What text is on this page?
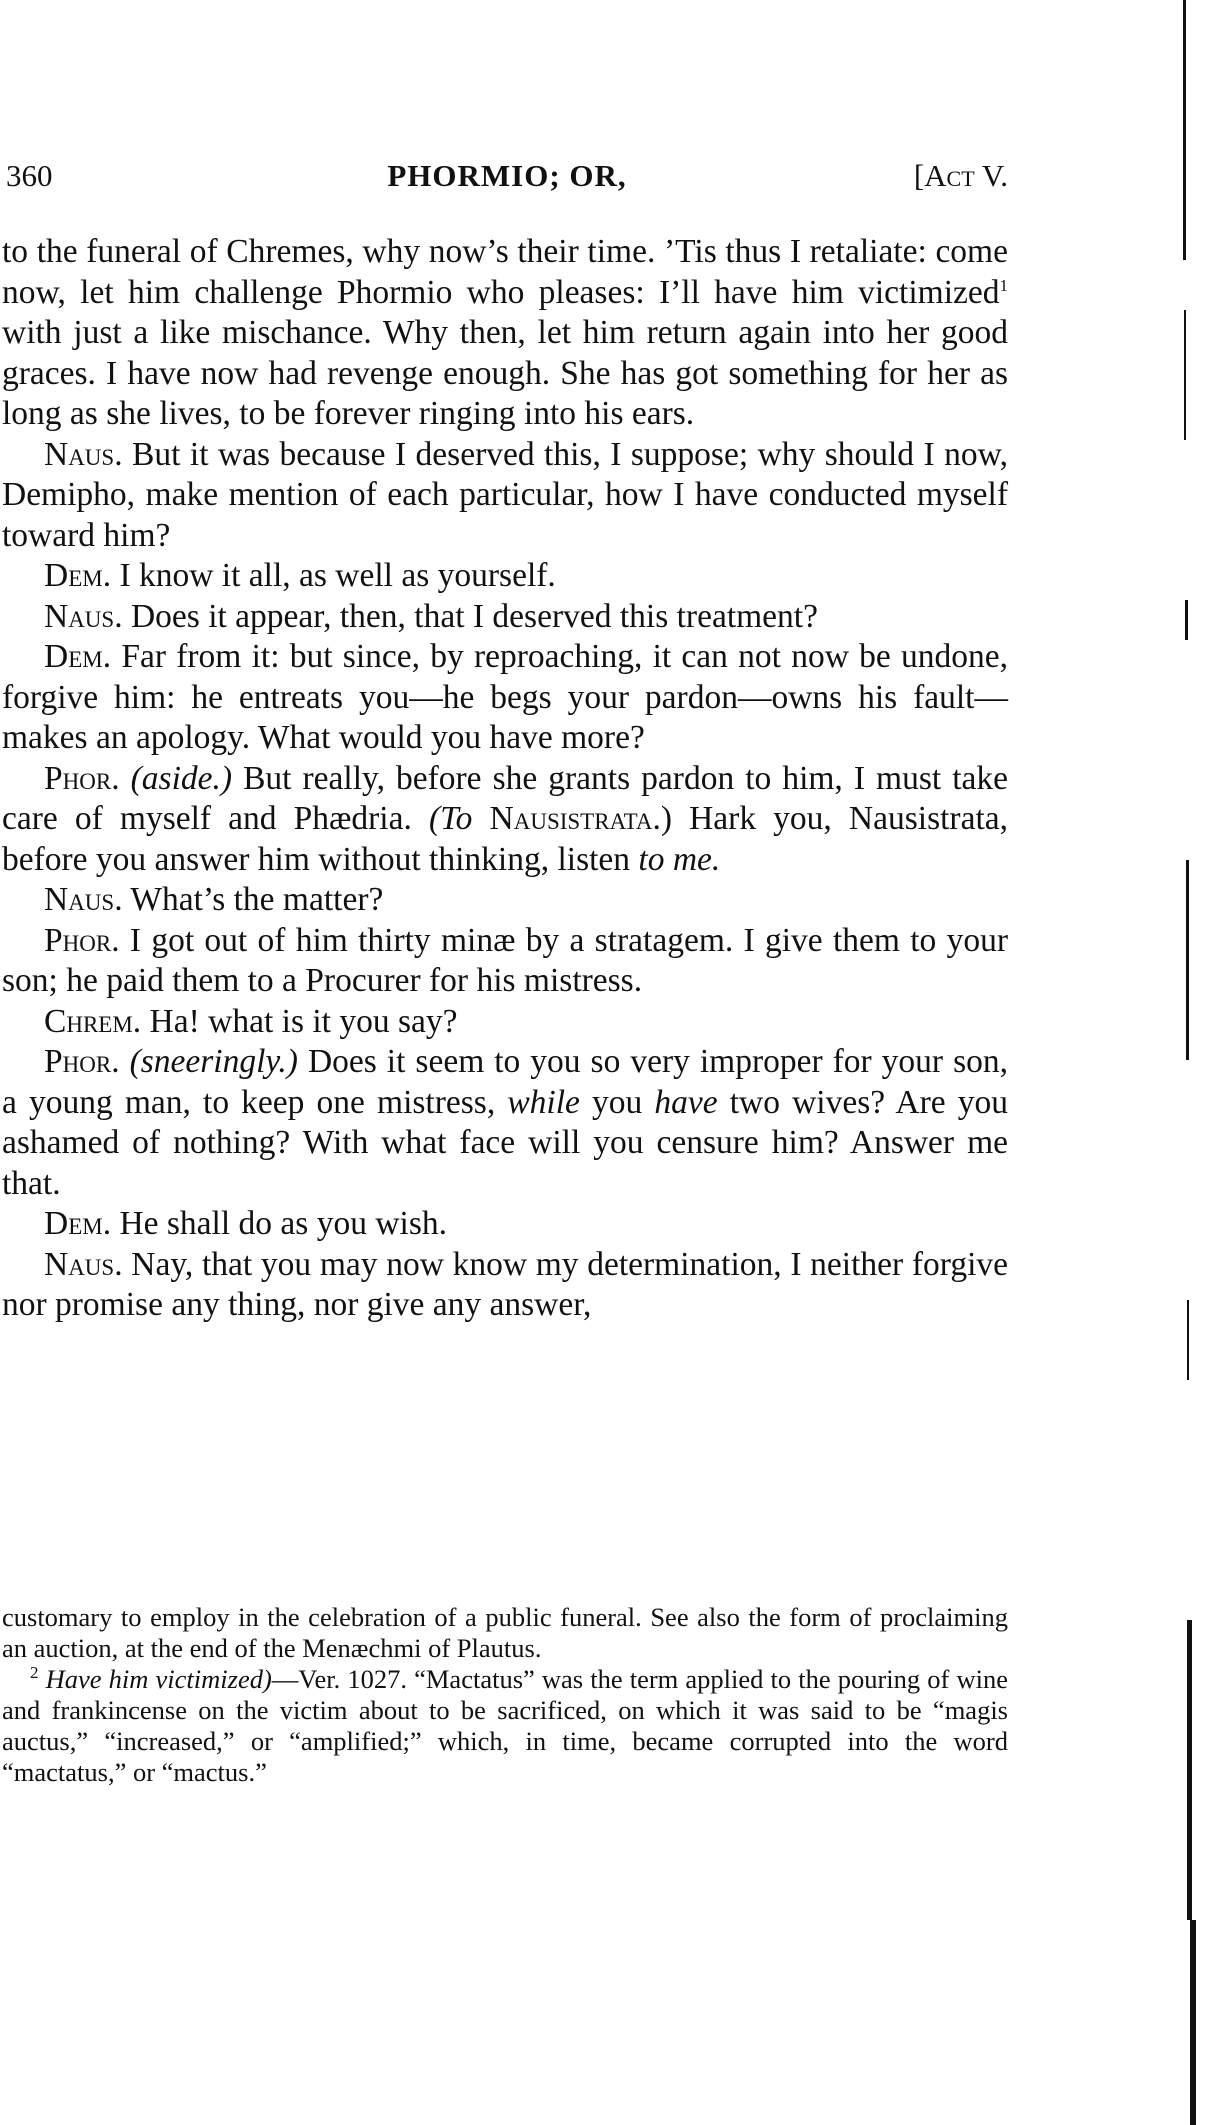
360	PHORMIO; OR,	[Act V.

to the funeral of Chremes, why now’s their time. ’Tis thus I retaliate: come now, let him challenge Phormio who pleases: I’ll have him victimized$^1$ with just a like mischance. Why then, let him return again into her good graces. I have now had revenge enough. She has got something for her as long as she lives, to be forever ringing into his ears.

Naus. But it was because I deserved this, I suppose; why should I now, Demipho, make mention of each particular, how I have conducted myself toward him?

Dem. I know it all, as well as yourself.

Naus. Does it appear, then, that I deserved this treatment?

Dem. Far from it: but since, by reproaching, it can not now be undone, forgive him: he entreats you—he begs your pardon—owns his fault—makes an apology. What would you have more?

Phor. (aside.) But really, before she grants pardon to him, I must take care of myself and Phædria. (To Nausistrata.) Hark you, Nausistrata, before you answer him without thinking, listen to me.

Naus. What’s the matter?

Phor. I got out of him thirty minæ by a stratagem. I give them to your son; he paid them to a Procurer for his mistress.

Chrem. Ha! what is it you say?

Phor. (sneeringly.) Does it seem to you so very improper for your son, a young man, to keep one mistress, while you have two wives? Are you ashamed of nothing? With what face will you censure him? Answer me that.

Dem. He shall do as you wish.

Naus. Nay, that you may now know my determination, I neither forgive nor promise any thing, nor give any answer,

customary to employ in the celebration of a public funeral. See also the form of proclaiming an auction, at the end of the Menæchmi of Plautus.

$^2$ Have him victimized)—Ver. 1027. “Mactatus” was the term applied to the pouring of wine and frankincense on the victim about to be sacrificed, on which it was said to be “magis auctus,” “increased,” or “amplified;” which, in time, became corrupted into the word “mactatus,” or “mactus.”
